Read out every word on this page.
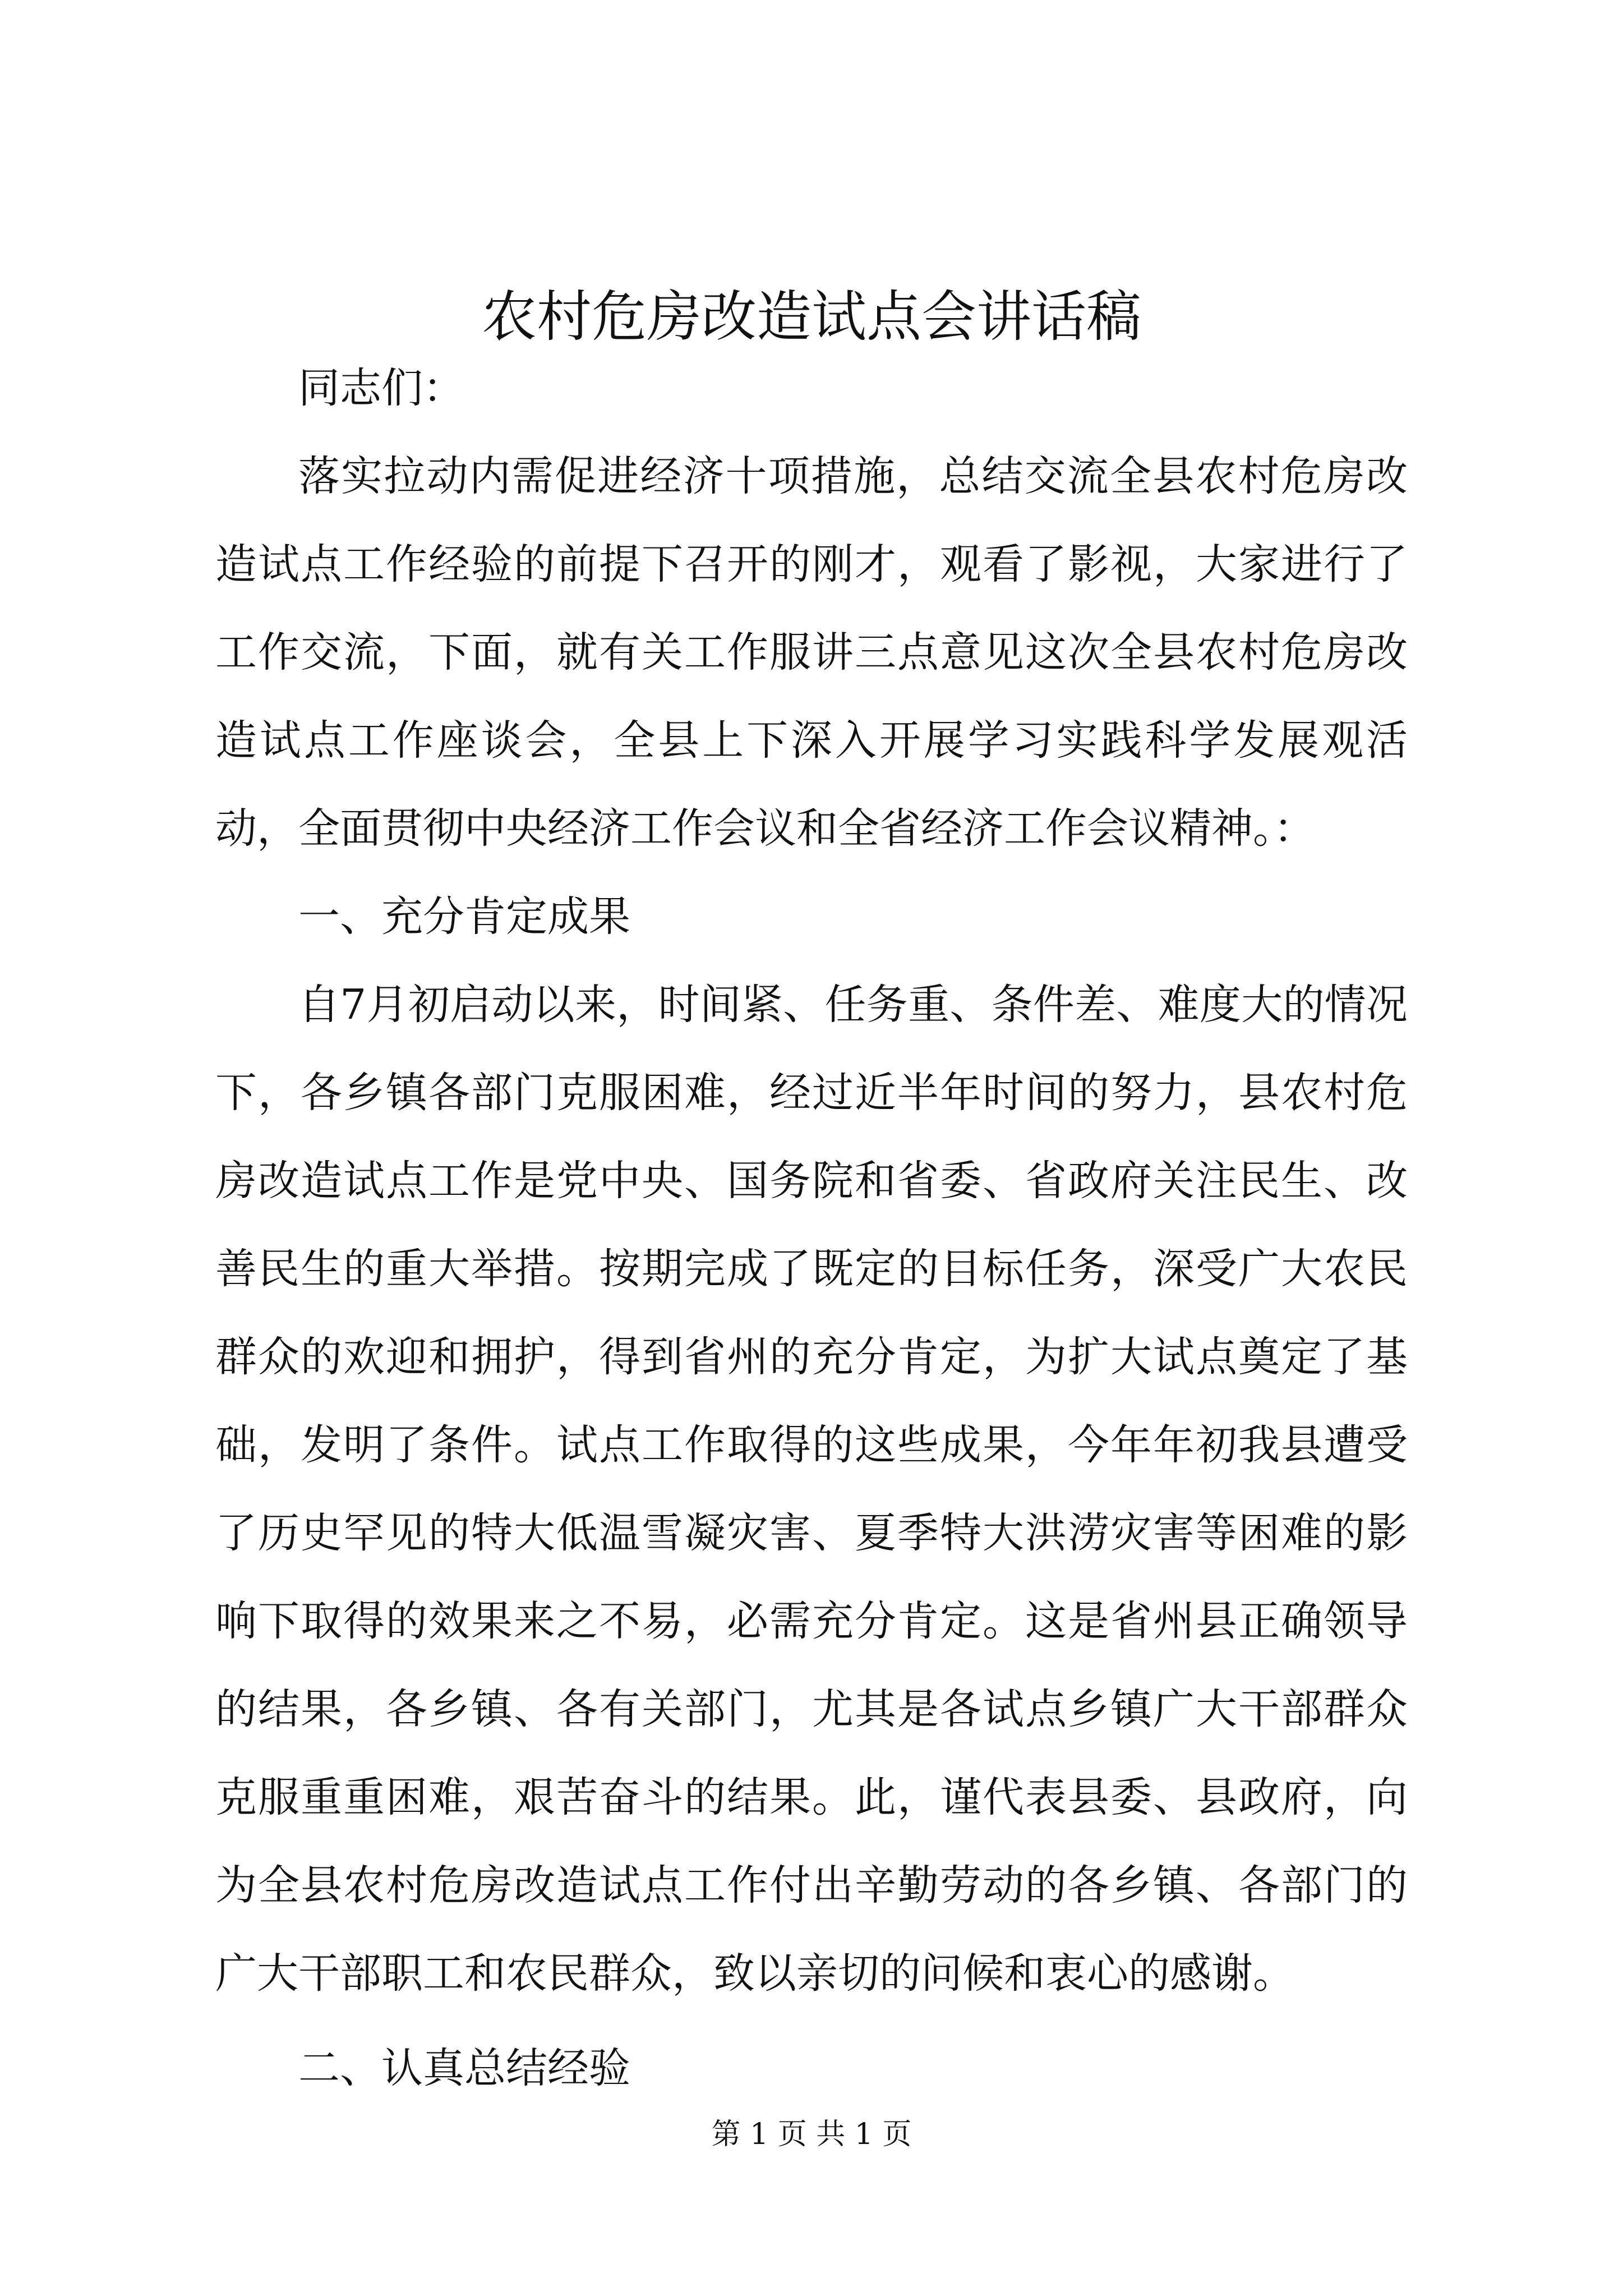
农村危房改造试点会讲话稿

同志们：

落实拉动内需促进经济十项措施，总结交流全县农村危房改造试点工作经验的前提下召开的刚才，观看了影视，大家进行了工作交流，下面，就有关工作服讲三点意见这次全县农村危房改造试点工作座谈会，全县上下深入开展学习实践科学发展观活动，全面贯彻中央经济工作会议和全省经济工作会议精神。：

一、充分肯定成果

自7月初启动以来，时间紧、任务重、条件差、难度大的情况下，各乡镇各部门克服困难，经过近半年时间的努力，县农村危房改造试点工作是党中央、国务院和省委、省政府关注民生、改善民生的重大举措。按期完成了既定的目标任务，深受广大农民群众的欢迎和拥护，得到省州的充分肯定，为扩大试点奠定了基础，发明了条件。试点工作取得的这些成果，今年年初我县遭受了历史罕见的特大低温雪凝灾害、夏季特大洪涝灾害等困难的影响下取得的效果来之不易，必需充分肯定。这是省州县正确领导的结果，各乡镇、各有关部门，尤其是各试点乡镇广大干部群众克服重重困难，艰苦奋斗的结果。此，谨代表县委、县政府，向为全县农村危房改造试点工作付出辛勤劳动的各乡镇、各部门的广大干部职工和农民群众，致以亲切的问候和衷心的感谢。

二、认真总结经验

第 1 页 共 1 页
